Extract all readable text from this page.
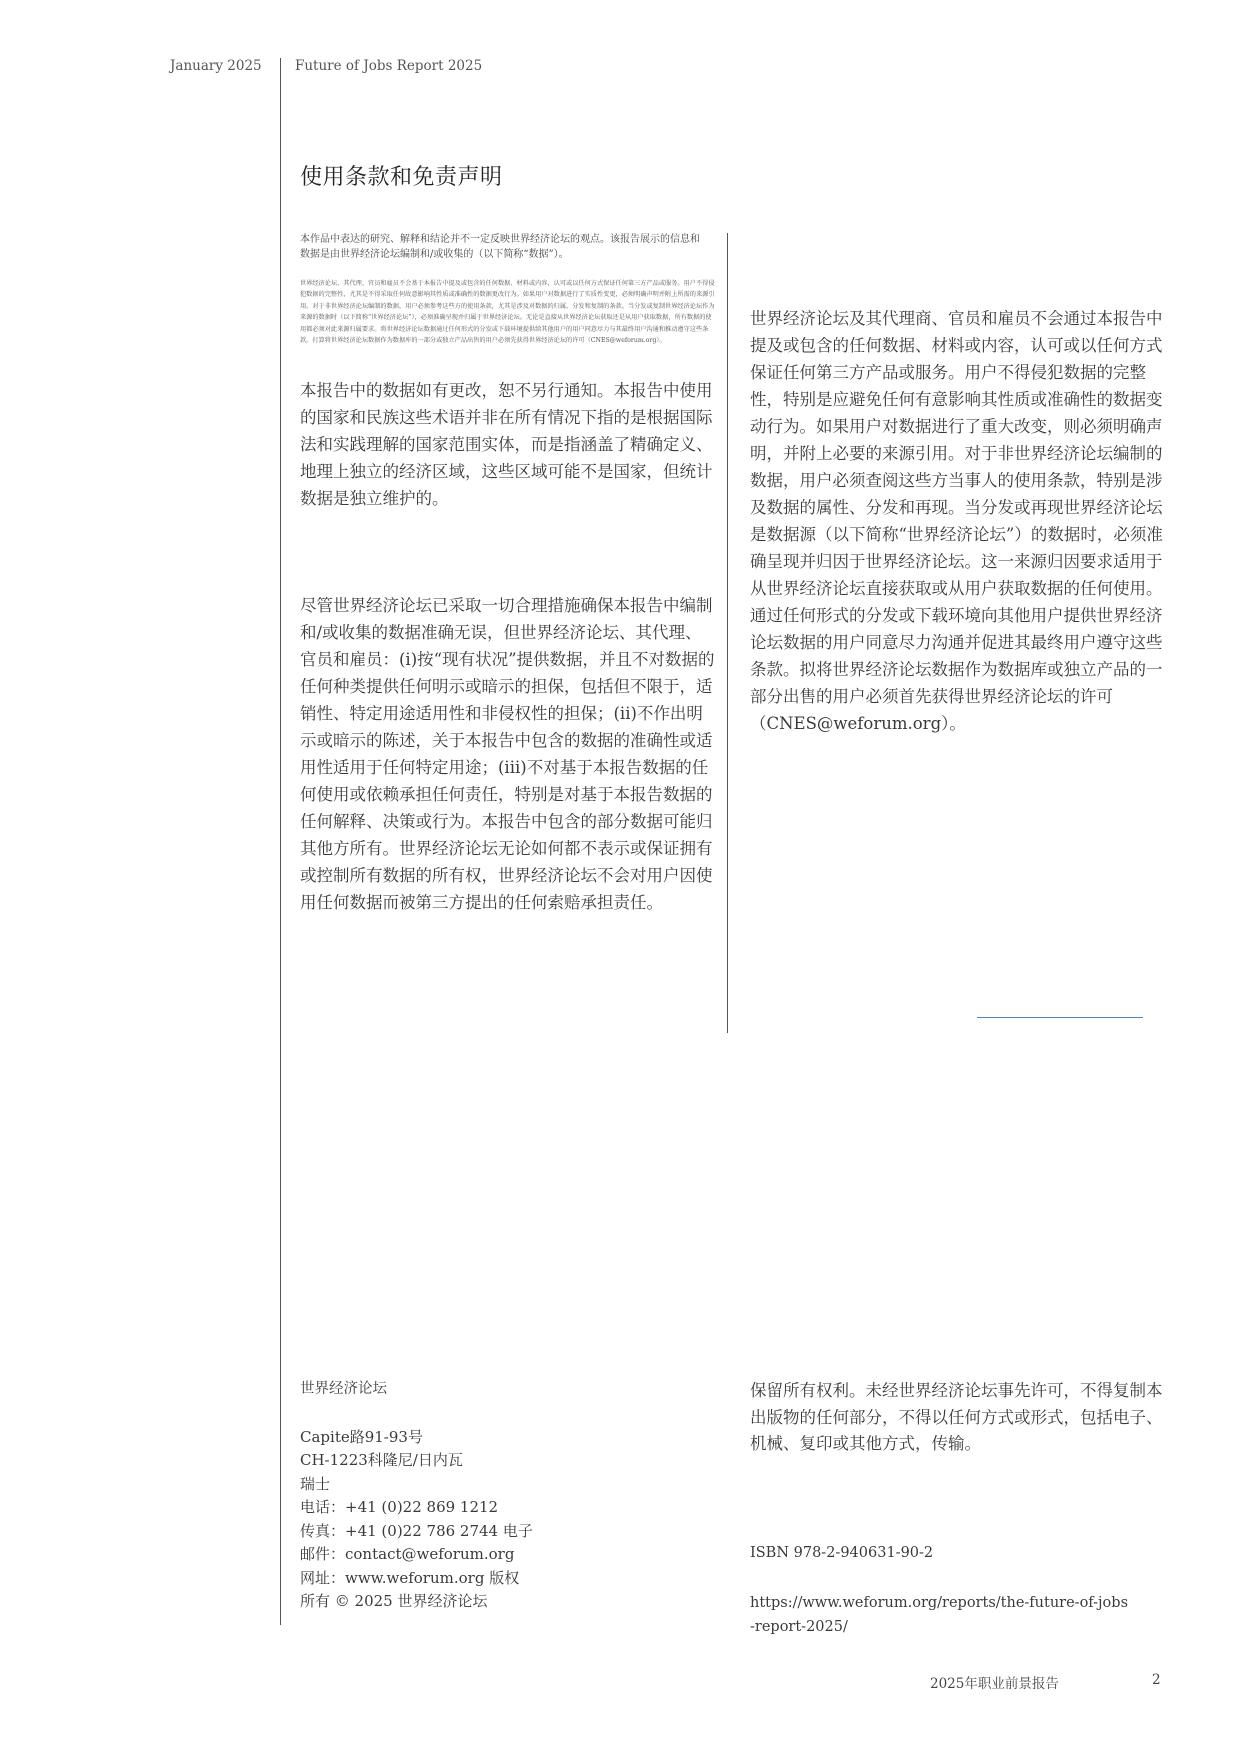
January 2025 Future of Jobs Report 2025
使用条款和免责声明

本作品中表达的研究、解释和结论并不一定反映世界经济论坛的观点。该报告展示的信息和数据是由世界经济论坛编制和/或收集的（以下简称“数据”）。

世界经济论坛、其代理、官员和雇员不会基于本报告中提及或包含的任何数据、材料或内容，认可或以任何方式保证任何第三方产品或服务。用户不得侵犯数据的完整性，尤其是不得采取任何故意影响其性质或准确性的数据更改行为。如果用户对数据进行了实质性变更，必须明确声明并附上所需的来源引用。对于非世界经济论坛编制的数据，用户必须参考这些方的使用条款，尤其是涉及对数据的归属、分发和复制的条款。当分发或复制世界经济论坛作为来源的数据时（以下简称“世界经济论坛”），必须准确呈现并归属于世界经济论坛。无论是直接从世界经济论坛获取还是从用户获取数据，所有数据的使用都必须对此来源归属要求。将世界经济论坛数据通过任何形式的分发或下载环境提供给其他用户的用户同意尽力与其最终用户沟通和推动遵守这些条款。打算将世界经济论坛数据作为数据库的一部分或独立产品出售的用户必须先获得世界经济论坛的许可（CNES@weforum.org）。

本报告中的数据如有更改，恕不另行通知。本报告中使用的国家和民族这些术语并非在所有情况下指的是根据国际法和实践理解的国家范围实体，而是指涵盖了精确定义、地理上独立的经济区域，这些区域可能不是国家，但统计数据是独立维护的。

尽管世界经济论坛已采取一切合理措施确保本报告中编制和/或收集的数据准确无误，但世界经济论坛、其代理、官员和雇员：(i)按“现有状况”提供数据，并且不对数据的任何种类提供任何明示或暗示的担保，包括但不限于，适销性、特定用途适用性和非侵权性的担保；(ii)不作出明示或暗示的陈述，关于本报告中包含的数据的准确性或适用性适用于任何特定用途；(iii)不对基于本报告数据的任何使用或依赖承担任何责任，特别是对基于本报告数据的任何解释、决策或行为。本报告中包含的部分数据可能归其他方所有。世界经济论坛无论如何都不表示或保证拥有或控制所有数据的所有权，世界经济论坛不会对用户因使用任何数据而被第三方提出的任何索赔承担责任。

世界经济论坛及其代理商、官员和雇员不会通过本报告中提及或包含的任何数据、材料或内容，认可或以任何方式保证任何第三方产品或服务。用户不得侵犯数据的完整性，特别是应避免任何有意影响其性质或准确性的数据变动行为。如果用户对数据进行了重大改变，则必须明确声明，并附上必要的来源引用。对于非世界经济论坛编制的数据，用户必须查阅这些方当事人的使用条款，特别是涉及数据的属性、分发和再现。当分发或再现世界经济论坛是数据源（以下简称“世界经济论坛”）的数据时，必须准确呈现并归因于世界经济论坛。这一来源归因要求适用于从世界经济论坛直接获取或从用户获取数据的任何使用。通过任何形式的分发或下载环境向其他用户提供世界经济论坛数据的用户同意尽力沟通并促进其最终用户遵守这些条款。拟将世界经济论坛数据作为数据库或独立产品的一部分出售的用户必须首先获得世界经济论坛的许可（CNES@weforum.org）。

世界经济论坛
Capite路91-93号
CH-1223科隆尼/日内瓦
瑞士
电话：+41 (0)22 869 1212
传真：+41 (0)22 786 2744 电子
邮件：contact@weforum.org
网址：www.weforum.org 版权
所有 © 2025 世界经济论坛

保留所有权利。未经世界经济论坛事先许可，不得复制本出版物的任何部分，不得以任何方式或形式，包括电子、机械、复印或其他方式，传输。

ISBN 978-2-940631-90-2
https://www.weforum.org/reports/the-future-of-jobs
-report-2025/
2025年职业前景报告	2
